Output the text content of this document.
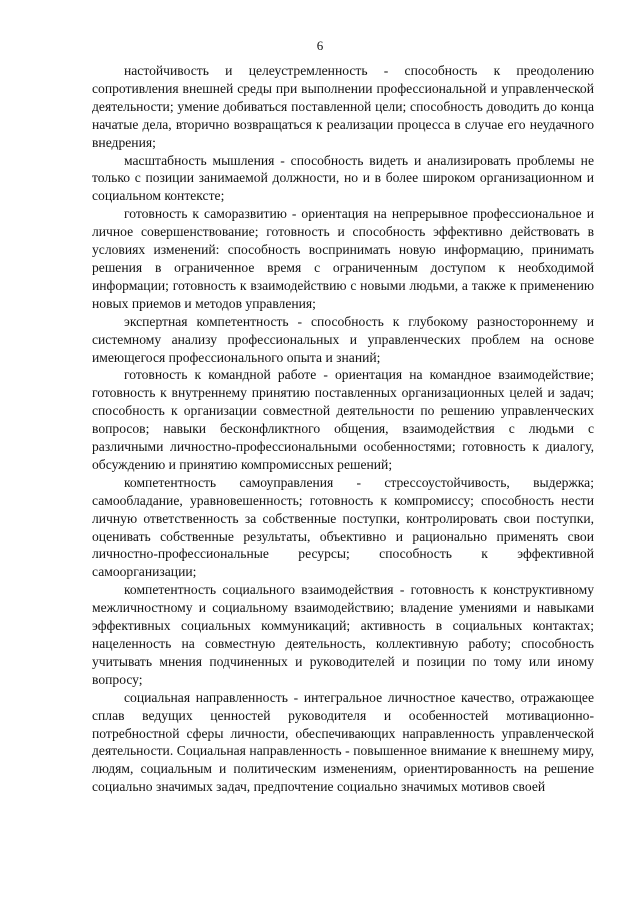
6

настойчивость и целеустремленность - способность к преодолению сопротивления внешней среды при выполнении профессиональной и управленческой деятельности; умение добиваться поставленной цели; способность доводить до конца начатые дела, вторично возвращаться к реализации процесса в случае его неудачного внедрения;

масштабность мышления - способность видеть и анализировать проблемы не только с позиции занимаемой должности, но и в более широком организационном и социальном контексте;

готовность к саморазвитию - ориентация на непрерывное профессиональное и личное совершенствование; готовность и способность эффективно действовать в условиях изменений: способность воспринимать новую информацию, принимать решения в ограниченное время с ограниченным доступом к необходимой информации; готовность к взаимодействию с новыми людьми, а также к применению новых приемов и методов управления;

экспертная компетентность - способность к глубокому разностороннему и системному анализу профессиональных и управленческих проблем на основе имеющегося профессионального опыта и знаний;

готовность к командной работе - ориентация на командное взаимодействие; готовность к внутреннему принятию поставленных организационных целей и задач; способность к организации совместной деятельности по решению управленческих вопросов; навыки бесконфликтного общения, взаимодействия с людьми с различными личностно-профессиональными особенностями; готовность к диалогу, обсуждению и принятию компромиссных решений;

компетентность самоуправления - стрессоустойчивость, выдержка; самообладание, уравновешенность; готовность к компромиссу; способность нести личную ответственность за собственные поступки, контролировать свои поступки, оценивать собственные результаты, объективно и рационально применять свои личностно-профессиональные ресурсы; способность к эффективной самоорганизации;

компетентность социального взаимодействия - готовность к конструктивному межличностному и социальному взаимодействию; владение умениями и навыками эффективных социальных коммуникаций; активность в социальных контактах; нацеленность на совместную деятельность, коллективную работу; способность учитывать мнения подчиненных и руководителей и позиции по тому или иному вопросу;

социальная направленность - интегральное личностное качество, отражающее сплав ведущих ценностей руководителя и особенностей мотивационно-потребностной сферы личности, обеспечивающих направленность управленческой деятельности. Социальная направленность - повышенное внимание к внешнему миру, людям, социальным и политическим изменениям, ориентированность на решение социально значимых задач, предпочтение социально значимых мотивов своей
